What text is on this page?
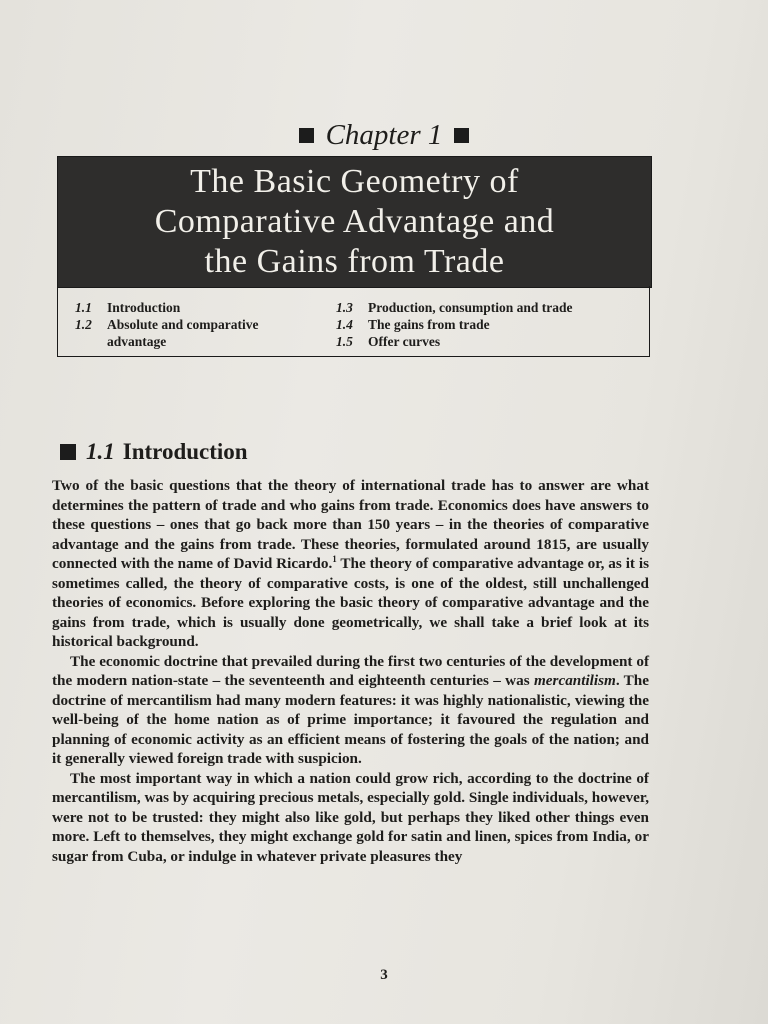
Chapter 1
The Basic Geometry of
Comparative Advantage and
the Gains from Trade
1.1	Introduction
1.2	Absolute and comparative advantage
1.3	Production, consumption and trade
1.4	The gains from trade
1.5	Offer curves
1.1 Introduction

Two of the basic questions that the theory of international trade has to answer are what determines the pattern of trade and who gains from trade. Economics does have answers to these questions – ones that go back more than 150 years – in the theories of comparative advantage and the gains from trade. These theories, formulated around 1815, are usually connected with the name of David Ricardo.$^1$ The theory of comparative advantage or, as it is sometimes called, the theory of comparative costs, is one of the oldest, still unchallenged theories of economics. Before exploring the basic theory of comparative advantage and the gains from trade, which is usually done geometrically, we shall take a brief look at its historical background.

The economic doctrine that prevailed during the first two centuries of the development of the modern nation-state – the seventeenth and eighteenth centuries – was mercantilism. The doctrine of mercantilism had many modern features: it was highly nationalistic, viewing the well-being of the home nation as of prime importance; it favoured the regulation and planning of economic activity as an efficient means of fostering the goals of the nation; and it generally viewed foreign trade with suspicion.

The most important way in which a nation could grow rich, according to the doctrine of mercantilism, was by acquiring precious metals, especially gold. Single individuals, however, were not to be trusted: they might also like gold, but perhaps they liked other things even more. Left to themselves, they might exchange gold for satin and linen, spices from India, or sugar from Cuba, or indulge in whatever private pleasures they

3
